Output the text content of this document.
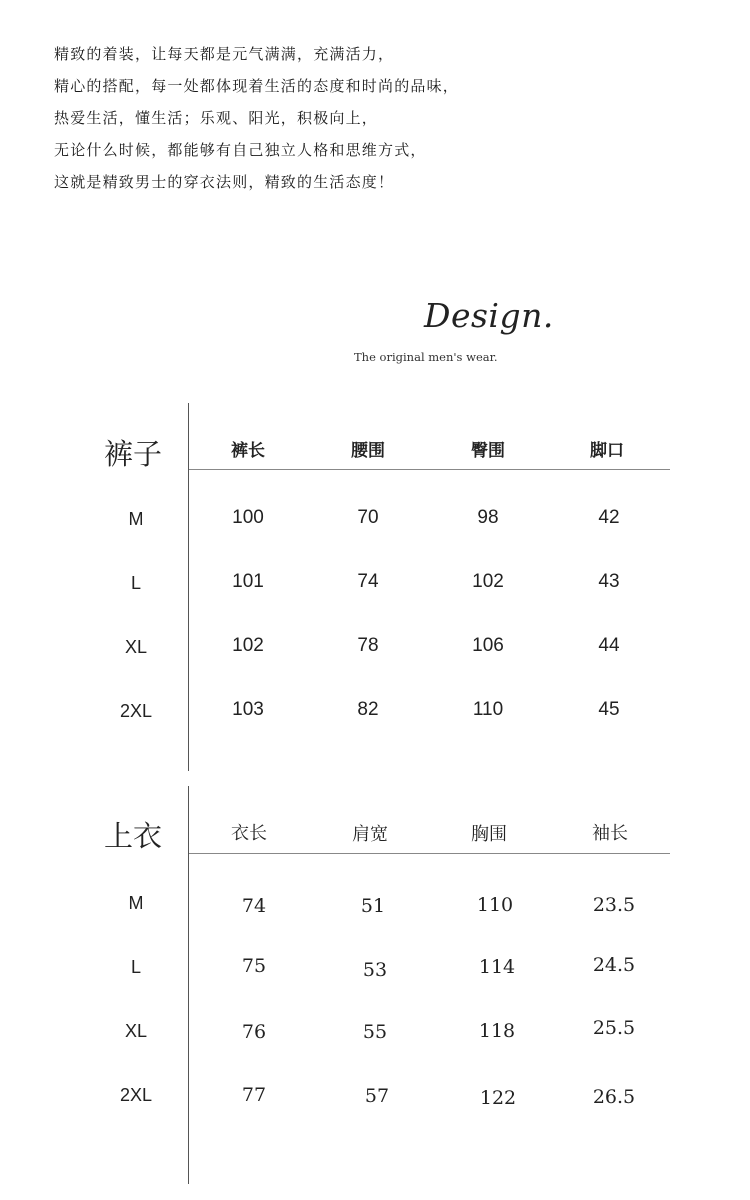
精致的着装，让每天都是元气满满，充满活力，
精心的搭配，每一处都体现着生活的态度和时尚的品味，
热爱生活，懂生活；乐观、阳光，积极向上，
无论什么时候，都能够有自己独立人格和思维方式，
这就是精致男士的穿衣法则，精致的生活态度！
Design.
The original men's wear.
裤子	裤长	腰围	臀围	脚口
M	100	70	98	42
L	101	74	102	43
XL	102	78	106	44
2XL	103	82	110	45
上衣	衣长	肩宽	胸围	袖长
M	74	51	110	23.5
L	75	53	114	24.5
XL	76	55	118	25.5
2XL	77	57	122	26.5
